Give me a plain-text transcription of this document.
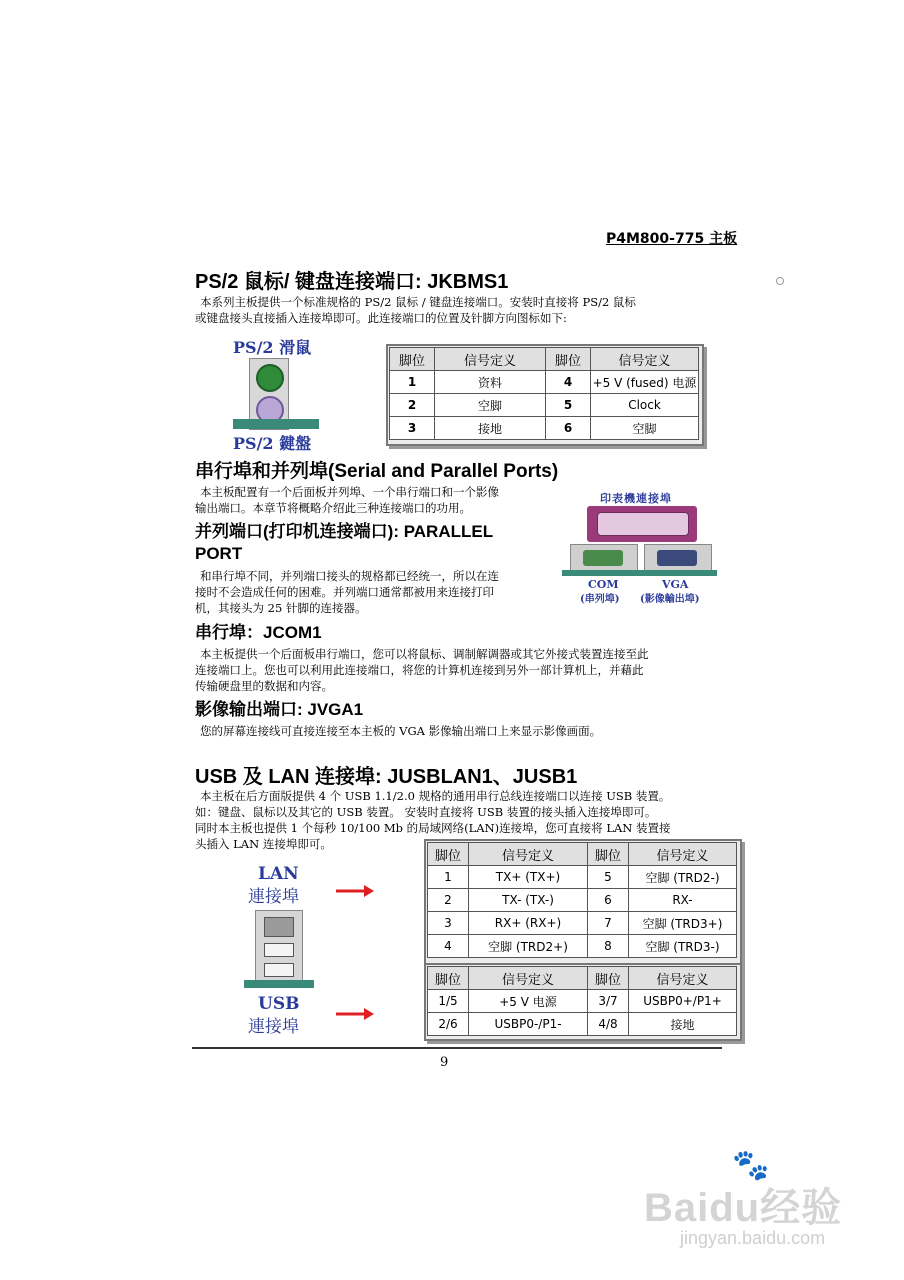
P4M800-775 主板
PS/2 鼠标/ 键盘连接端口: JKBMS1
本系列主板提供一个标准规格的 PS/2 鼠标 / 键盘连接端口。安装时直接将 PS/2 鼠标
或键盘接头直接插入连接埠即可。此连接端口的位置及针脚方向图标如下:
PS/2 滑鼠
PS/2 鍵盤
脚位	信号定义	脚位	信号定义
1	资料	4	+5 V (fused) 电源
2	空脚	5	Clock
3	接地	6	空脚
串行埠和并列埠(Serial and Parallel Ports)
本主板配置有一个后面板并列埠、一个串行端口和一个影像
输出端口。本章节将概略介绍此三种连接端口的功用。
印表機連接埠
COM
(串列埠)
VGA
(影像輸出埠)
并列端口(打印机连接端口): PARALLEL
PORT
和串行埠不同，并列端口接头的规格都已经统一，所以在连
接时不会造成任何的困难。并列端口通常都被用来连接打印
机，其接头为 25 针脚的连接器。
串行埠：JCOM1
本主板提供一个后面板串行端口，您可以将鼠标、调制解调器或其它外接式装置连接至此
连接端口上。您也可以利用此连接端口，将您的计算机连接到另外一部计算机上，并藉此
传输硬盘里的数据和内容。
影像输出端口: JVGA1
您的屏幕连接线可直接连接至本主板的 VGA 影像输出端口上来显示影像画面。
USB 及 LAN 连接埠: JUSBLAN1、JUSB1
本主板在后方面版提供 4 个 USB 1.1/2.0 规格的通用串行总线连接端口以连接 USB 装置。
如：键盘、鼠标以及其它的 USB 装置。 安装时直接将 USB 装置的接头插入连接埠即可。
同时本主板也提供 1 个每秒 10/100 Mb 的局域网络(LAN)连接埠，您可直接将 LAN 装置接
头插入 LAN 连接埠即可。
LAN
連接埠
USB
連接埠
脚位	信号定义	脚位	信号定义
1	TX+ (TX+)	5	空脚 (TRD2-)
2	TX- (TX-)	6	RX-
3	RX+ (RX+)	7	空脚 (TRD3+)
4	空脚 (TRD2+)	8	空脚 (TRD3-)
脚位	信号定义	脚位	信号定义
1/5	+5 V 电源	3/7	USBP0+/P1+
2/6	USBP0-/P1-	4/8	接地
9
🐾
Baidu经验
jingyan.baidu.com
